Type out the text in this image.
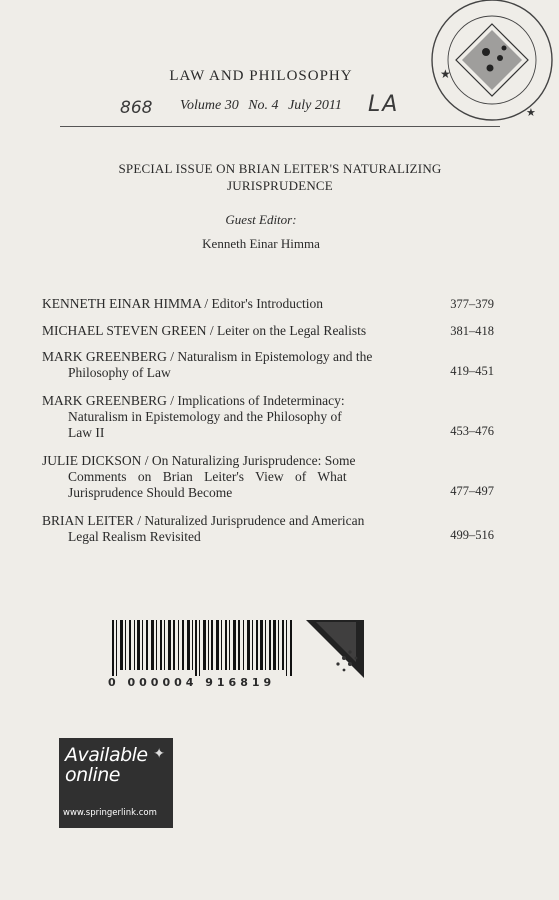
★
★
LAW AND PHILOSOPHY
868 Volume 30 No. 4 July 2011 LA
SPECIAL ISSUE ON BRIAN LEITER'S NATURALIZING
JURISPRUDENCE
Guest Editor:
Kenneth Einar Himma
KENNETH EINAR HIMMA / Editor's Introduction	377–379
MICHAEL STEVEN GREEN / Leiter on the Legal Realists	381–418
MARK GREENBERG / Naturalism in Epistemology and the
Philosophy of Law	419–451
MARK GREENBERG / Implications of Indeterminacy:
Naturalism in Epistemology and the Philosophy of
Law II	453–476
JULIE DICKSON / On Naturalizing Jurisprudence: Some
Comments on Brian Leiter's View of What
Jurisprudence Should Become	477–497
BRIAN LEITER / Naturalized Jurisprudence and American
Legal Realism Revisited	499–516
0 000004 916819
✦
Available
online
www.springerlink.com
